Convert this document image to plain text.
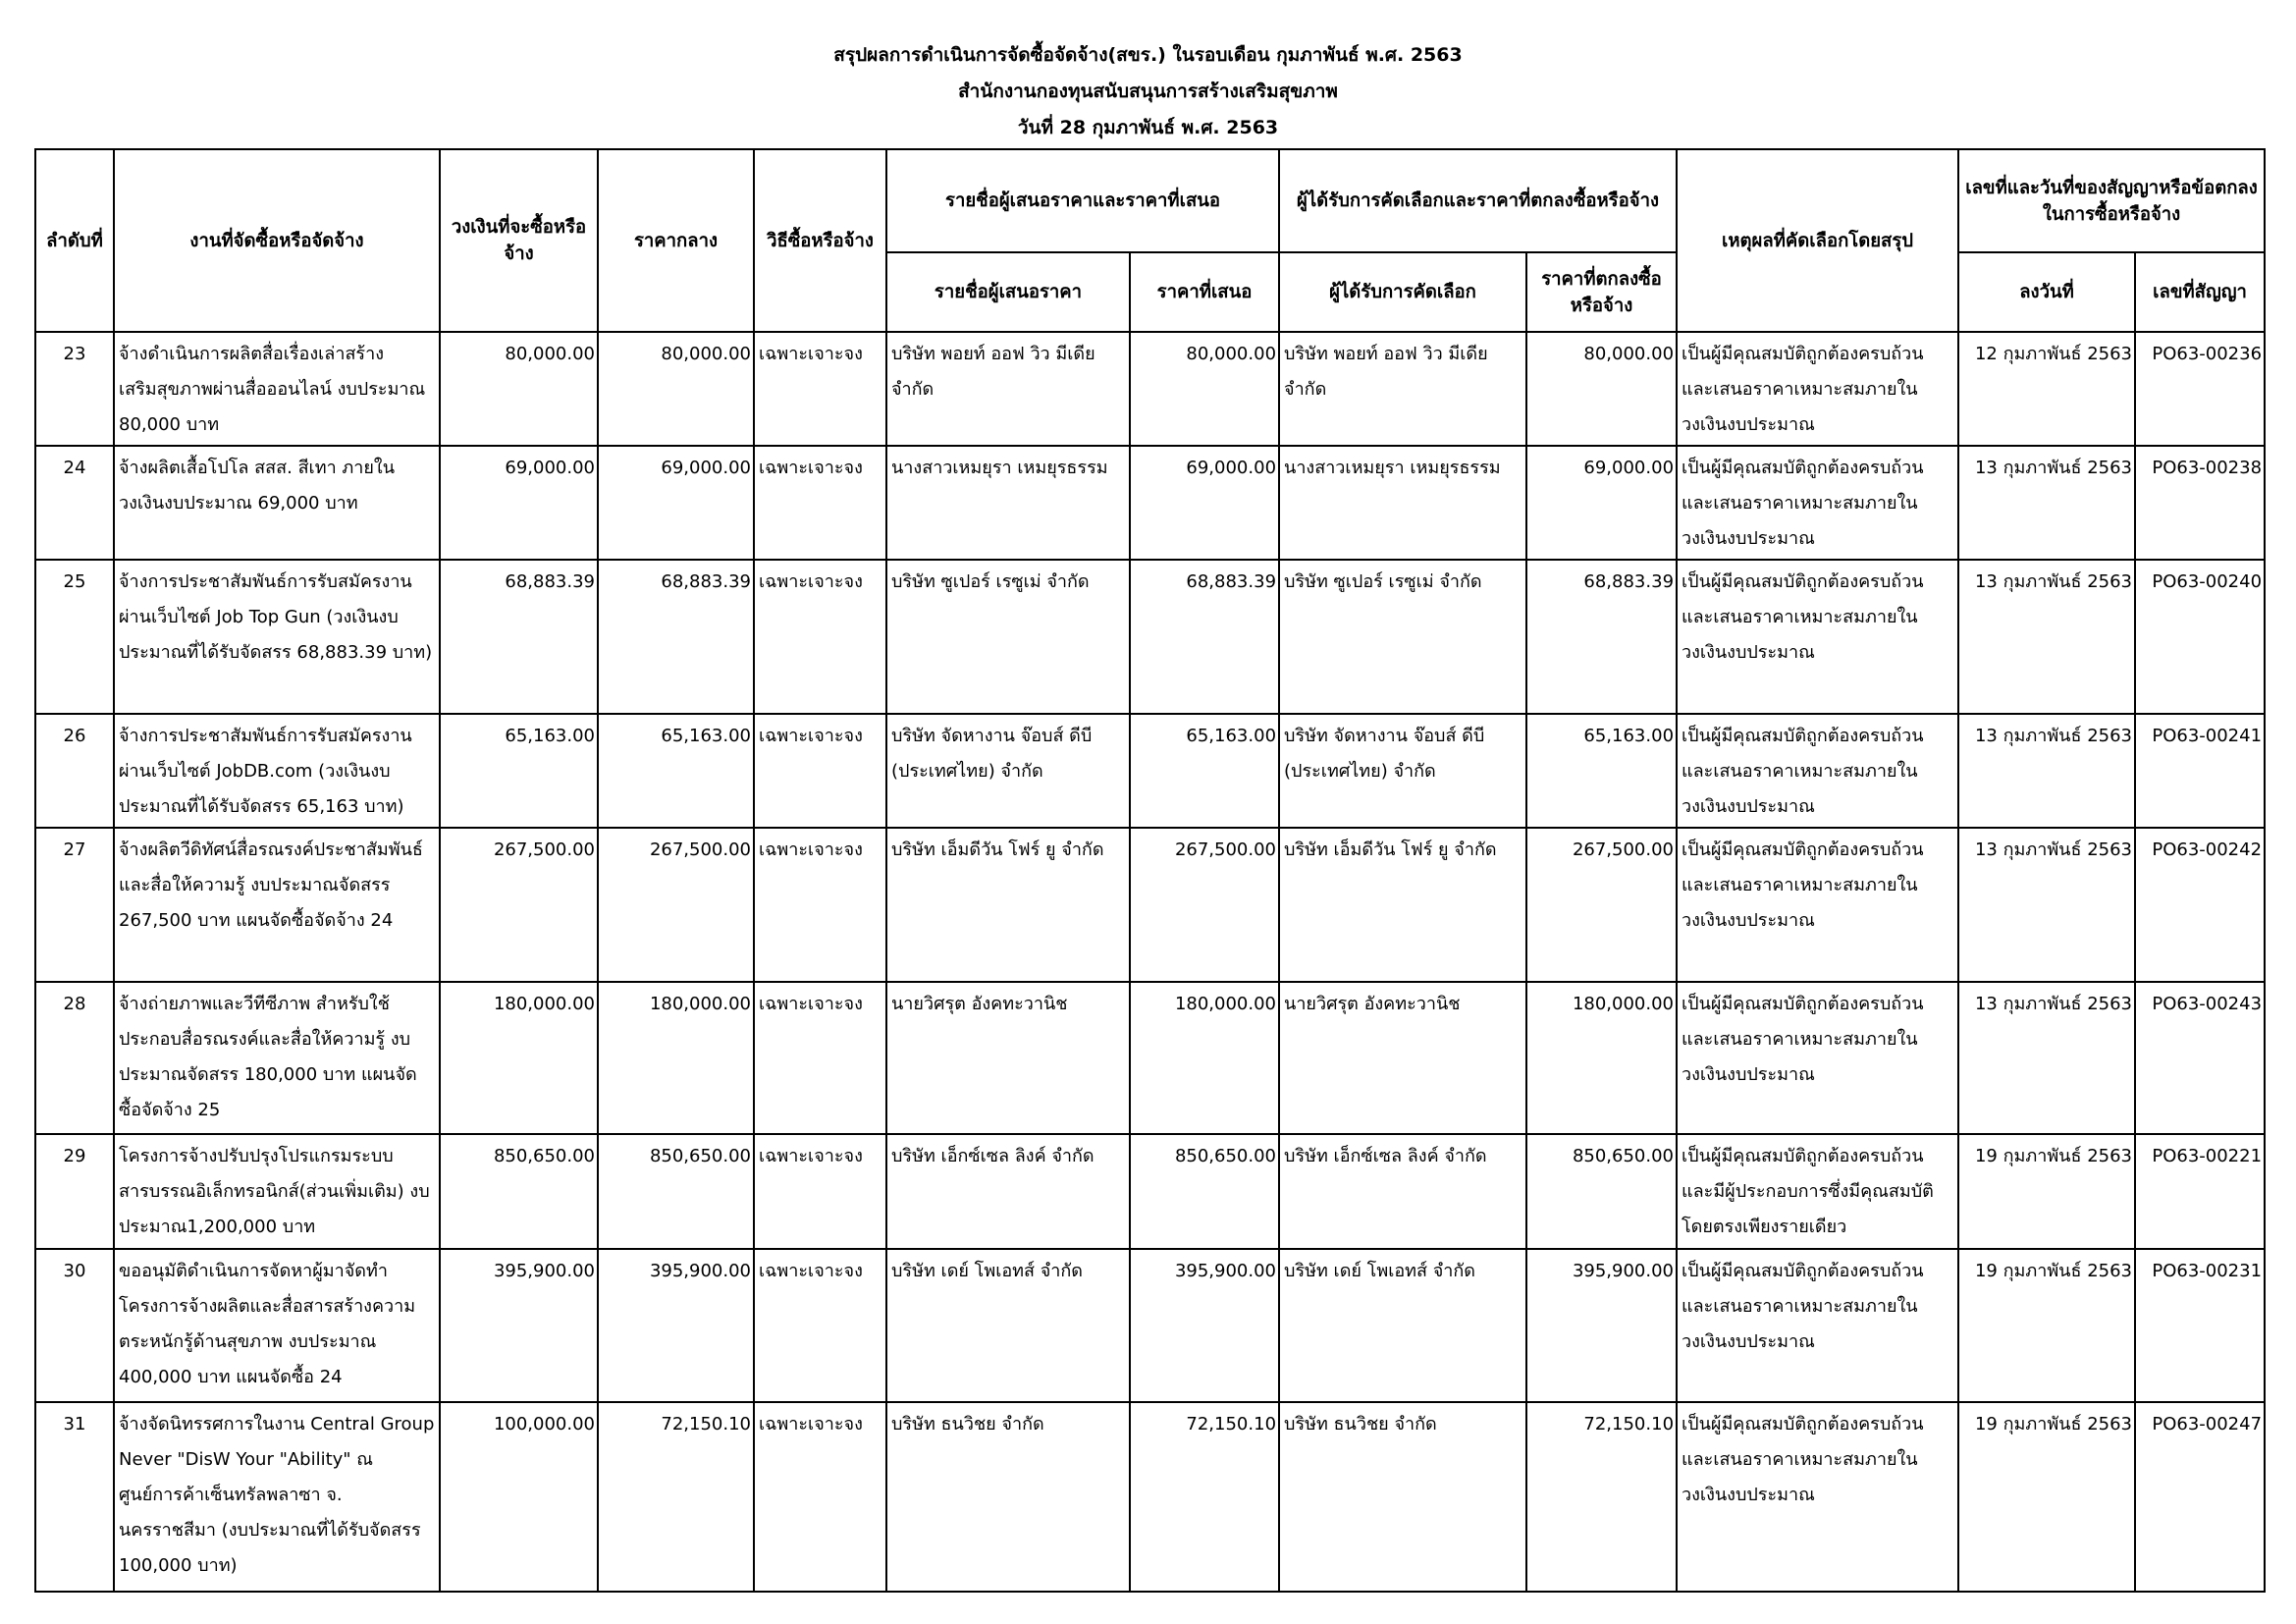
สรุปผลการดำเนินการจัดซื้อจัดจ้าง(สขร.) ในรอบเดือน กุมภาพันธ์ พ.ศ. 2563
สำนักงานกองทุนสนับสนุนการสร้างเสริมสุขภาพ
วันที่ 28 กุมภาพันธ์ พ.ศ. 2563
ลำดับที่	งานที่จัดซื้อหรือจัดจ้าง	วงเงินที่จะซื้อหรือจ้าง	ราคากลาง	วิธีซื้อหรือจ้าง	รายชื่อผู้เสนอราคาและราคาที่เสนอ		ผู้ได้รับการคัดเลือกและราคาที่ตกลงซื้อหรือจ้าง		เหตุผลที่คัดเลือกโดยสรุป	เลขที่และวันที่ของสัญญาหรือข้อตกลงในการซื้อหรือจ้าง	
					รายชื่อผู้เสนอราคา	ราคาที่เสนอ	ผู้ได้รับการคัดเลือก	ราคาที่ตกลงซื้อหรือจ้าง		ลงวันที่	เลขที่สัญญา
23	จ้างดำเนินการผลิตสื่อเรื่องเล่าสร้างเสริมสุขภาพผ่านสื่อออนไลน์ งบประมาณ 80,000 บาท	80,000.00	80,000.00	เฉพาะเจาะจง	บริษัท พอยท์ ออฟ วิว มีเดีย จำกัด	80,000.00	บริษัท พอยท์ ออฟ วิว มีเดีย จำกัด	80,000.00	เป็นผู้มีคุณสมบัติถูกต้องครบถ้วนและเสนอราคาเหมาะสมภายในวงเงินงบประมาณ	12 กุมภาพันธ์ 2563	PO63-00236
24	จ้างผลิตเสื้อโปโล สสส. สีเทา ภายในวงเงินงบประมาณ 69,000 บาท	69,000.00	69,000.00	เฉพาะเจาะจง	นางสาวเหมยุรา เหมยุรธรรม	69,000.00	นางสาวเหมยุรา เหมยุรธรรม	69,000.00	เป็นผู้มีคุณสมบัติถูกต้องครบถ้วนและเสนอราคาเหมาะสมภายในวงเงินงบประมาณ	13 กุมภาพันธ์ 2563	PO63-00238
25	จ้างการประชาสัมพันธ์การรับสมัครงานผ่านเว็บไซต์ Job Top Gun (วงเงินงบประมาณที่ได้รับจัดสรร 68,883.39 บาท)	68,883.39	68,883.39	เฉพาะเจาะจง	บริษัท ซูเปอร์ เรซูเม่ จำกัด	68,883.39	บริษัท ซูเปอร์ เรซูเม่ จำกัด	68,883.39	เป็นผู้มีคุณสมบัติถูกต้องครบถ้วนและเสนอราคาเหมาะสมภายในวงเงินงบประมาณ	13 กุมภาพันธ์ 2563	PO63-00240
26	จ้างการประชาสัมพันธ์การรับสมัครงานผ่านเว็บไซต์ JobDB.com (วงเงินงบประมาณที่ได้รับจัดสรร 65,163 บาท)	65,163.00	65,163.00	เฉพาะเจาะจง	บริษัท จัดหางาน จ๊อบส์ ดีบี (ประเทศไทย) จำกัด	65,163.00	บริษัท จัดหางาน จ๊อบส์ ดีบี (ประเทศไทย) จำกัด	65,163.00	เป็นผู้มีคุณสมบัติถูกต้องครบถ้วนและเสนอราคาเหมาะสมภายในวงเงินงบประมาณ	13 กุมภาพันธ์ 2563	PO63-00241
27	จ้างผลิตวีดิทัศน์สื่อรณรงค์ประชาสัมพันธ์และสื่อให้ความรู้ งบประมาณจัดสรร 267,500 บาท แผนจัดซื้อจัดจ้าง 24	267,500.00	267,500.00	เฉพาะเจาะจง	บริษัท เอ็มดีวัน โฟร์ ยู จำกัด	267,500.00	บริษัท เอ็มดีวัน โฟร์ ยู จำกัด	267,500.00	เป็นผู้มีคุณสมบัติถูกต้องครบถ้วนและเสนอราคาเหมาะสมภายในวงเงินงบประมาณ	13 กุมภาพันธ์ 2563	PO63-00242
28	จ้างถ่ายภาพและวีทีซีภาพ สำหรับใช้ประกอบสื่อรณรงค์และสื่อให้ความรู้ งบประมาณจัดสรร 180,000 บาท แผนจัดซื้อจัดจ้าง 25	180,000.00	180,000.00	เฉพาะเจาะจง	นายวิศรุต อังคทะวานิช	180,000.00	นายวิศรุต อังคทะวานิช	180,000.00	เป็นผู้มีคุณสมบัติถูกต้องครบถ้วนและเสนอราคาเหมาะสมภายในวงเงินงบประมาณ	13 กุมภาพันธ์ 2563	PO63-00243
29	โครงการจ้างปรับปรุงโปรแกรมระบบสารบรรณอิเล็กทรอนิกส์(ส่วนเพิ่มเติม) งบประมาณ1,200,000 บาท	850,650.00	850,650.00	เฉพาะเจาะจง	บริษัท เอ็กซ์เซล ลิงค์ จำกัด	850,650.00	บริษัท เอ็กซ์เซล ลิงค์ จำกัด	850,650.00	เป็นผู้มีคุณสมบัติถูกต้องครบถ้วนและมีผู้ประกอบการซึ่งมีคุณสมบัติโดยตรงเพียงรายเดียว	19 กุมภาพันธ์ 2563	PO63-00221
30	ขออนุมัติดำเนินการจัดหาผู้มาจัดทำโครงการจ้างผลิตและสื่อสารสร้างความตระหนักรู้ด้านสุขภาพ งบประมาณ 400,000 บาท แผนจัดซื้อ 24	395,900.00	395,900.00	เฉพาะเจาะจง	บริษัท เดย์ โพเอทส์ จำกัด	395,900.00	บริษัท เดย์ โพเอทส์ จำกัด	395,900.00	เป็นผู้มีคุณสมบัติถูกต้องครบถ้วนและเสนอราคาเหมาะสมภายในวงเงินงบประมาณ	19 กุมภาพันธ์ 2563	PO63-00231
31	จ้างจัดนิทรรศการในงาน Central Group Never "DisW Your "Ability" ณ ศูนย์การค้าเซ็นทรัลพลาซา จ. นครราชสีมา (งบประมาณที่ได้รับจัดสรร 100,000 บาท)	100,000.00	72,150.10	เฉพาะเจาะจง	บริษัท ธนวิชย จำกัด	72,150.10	บริษัท ธนวิชย จำกัด	72,150.10	เป็นผู้มีคุณสมบัติถูกต้องครบถ้วนและเสนอราคาเหมาะสมภายในวงเงินงบประมาณ	19 กุมภาพันธ์ 2563	PO63-00247
